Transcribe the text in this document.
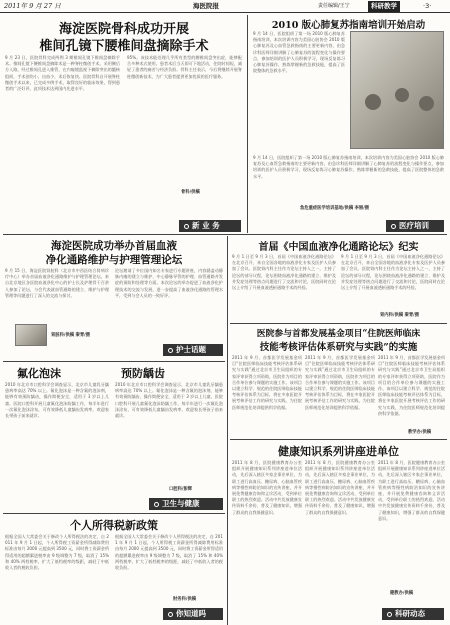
2011年 9 月 27 日	海医院报	责任编辑/王宁	科研教学	·3·
海淀医院骨科成功开展
椎间孔镜下腰椎间盘摘除手术
9 月 23 日，医院骨科完成两例 3 期椎间孔镜下椎间盘摘除手术。椎间孔镜下腰椎间盘摘除术是一种脊柱微创手术，采用侧后方入路，经过椎间孔进入椎管，在内窥镜监视下摘除突出的髓核组织，手术创伤小，出血少，术后恢复快。医院骨科自开展脊柱微创手术以来，已完成多例手术，取得良好的临床效果，得到患者的广泛好评，此项技术达到国内先进水平。
95%。该技术能处理几乎所有类型的腰椎间盘突出症，能够配合多种术式使用。患者术后当天即可下地活动，住院时间短，减轻了患者的痛苦与经济负担。骨科主任表示，今后将继续开展脊柱微创新技术，为广大患者提供更加优质的医疗服务。
骨科/供稿
新 业 务
2010 版心肺复苏指南培训开始启动
9 月 14 日，医院组织了第一场 2010 版心肺复苏指南培训，本次培训内容为美国心脏协会 2010 版心肺复苏及心血管急救指南的主要更新内容，由急诊科医师详细讲解了心肺复苏的流程变化与操作要点，参加培训的医护人员积极学习，现场反复练习心肺复苏操作，熟练掌握新的急救技能，提高了医院整体的急救水平。
9 月 14 日，医院组织了第一场 2010 版心肺复苏指南培训，本次培训内容为美国心脏协会 2010 版心肺复苏及心血管急救指南的主要更新内容，由急诊科医师详细讲解了心肺复苏的流程变化与操作要点，参加培训的医护人员积极学习，现场反复练习心肺复苏操作，熟练掌握新的急救技能，提高了医院整体的急救水平。
急危重症医学培训基地/供稿 李丽/摄
医疗培训
海淀医院成功举办首届血液
净化通路维护与护理管理论坛
9 月 15 日，海淀医院肾脏科（北京市中西医结合肾病诊疗中心）举办首届血液净化通路维护与护理管理论坛。来自北京地区各医院血液净化中心的护士长及护理骨干百余人参加了论坛，与会代表就血管通路的建立、维护与护理管理等问题进行了深入的交流与探讨。
论坛邀请了多位国内知名专家进行专题讲座，内容涵盖动静脉内瘘的建立与维护、中心静脉导管的护理、血管通路并发症的预防和处理等方面。本次论坛的举办促进了血液净化护理技术的交流与发展，进一步提高了血液净化通路的管理水平，受到与会人员的一致好评。
肾脏科/供稿 秦青/摄
护士话题
首届《中国血液净化通路论坛》纪实
9 月 1 日至 9 月 3 日，首届《中国血液净化通路论坛》在北京召开，来自全国各地的血液净化专家及医护人员参加了会议。医院肾内科主任作为论坛主持人之一，主持了论坛的部分议程，论坛围绕血液净化通路的建立、维护及并发症处理等热点问题进行了交流和讨论，医院同时在论坛上介绍了开展血液透析通路手术的经验。
9 月 1 日至 9 月 3 日，首届《中国血液净化通路论坛》在北京召开，来自全国各地的血液净化专家及医护人员参加了会议。医院肾内科主任作为论坛主持人之一，主持了论坛的部分议程，论坛围绕血液净化通路的建立、维护及并发症处理等热点问题进行了交流和讨论，医院同时在论坛上介绍了开展血液透析通路手术的经验。
肾内科/供稿 秦青/摄
医院参与首都发展基金项目“住院医师临床
技能考核评估体系研究与实践”的实施
2011 年 9 月，首都医学发展基金项目“住院医师临床技能考核评估体系研究与实践”通过北京市卫生局组织的专家评审获得立项资助，医院作为项目的合作单位参与课题的实施工作。该项目以建立科学、规范的住院医师临床技能考核评估体系为目标，将在多家医院开展考核评估工作的研究与实践，为住院医师规范化培训提供科学依据。
2011 年 9 月，首都医学发展基金项目“住院医师临床技能考核评估体系研究与实践”通过北京市卫生局组织的专家评审获得立项资助，医院作为项目的合作单位参与课题的实施工作。该项目以建立科学、规范的住院医师临床技能考核评估体系为目标，将在多家医院开展考核评估工作的研究与实践，为住院医师规范化培训提供科学依据。
2011 年 9 月，首都医学发展基金项目“住院医师临床技能考核评估体系研究与实践”通过北京市卫生局组织的专家评审获得立项资助，医院作为项目的合作单位参与课题的实施工作。该项目以建立科学、规范的住院医师临床技能考核评估体系为目标，将在多家医院开展考核评估工作的研究与实践，为住院医师规范化培训提供科学依据。
教学办/供稿
氟化泡沫	预防龋齿
2010 年北京市口腔科学会调查显示，北京市儿童乳牙龋患病率高达 70% 以上。氟化泡沫是一种含氟的泡沫剂，能够有效预防龋齿，操作简便安全，适用于 3 岁以上儿童。医院口腔科开展儿童氟化泡沫防龋工作，每半年进行一次氟化泡沫涂布，可有效降低儿童龋齿发病率，欢迎家长带孩子前来就诊。
2010 年北京市口腔科学会调查显示，北京市儿童乳牙龋患病率高达 70% 以上。氟化泡沫是一种含氟的泡沫剂，能够有效预防龋齿，操作简便安全，适用于 3 岁以上儿童。医院口腔科开展儿童氟化泡沫防龋工作，每半年进行一次氟化泡沫涂布，可有效降低儿童龋齿发病率，欢迎家长带孩子前来就诊。
口腔科/彭辉
卫生与健康
个人所得税新政策
根据全国人大常委会关于修改个人所得税法的决定，自 2011 年 9 月 1 日起，个人所得税工资薪金所得减除费用标准由每月 2000 元提高到 3500 元，同时将工资薪金所得适用的超额累进税率由 9 级调整为 7 级，取消了 15% 和 40% 两档税率，扩大了低档税率的级距，减轻了中低收入者的税收负担。
根据全国人大常委会关于修改个人所得税法的决定，自 2011 年 9 月 1 日起，个人所得税工资薪金所得减除费用标准由每月 2000 元提高到 3500 元，同时将工资薪金所得适用的超额累进税率由 9 级调整为 7 级，取消了 15% 和 40% 两档税率，扩大了低档税率的级距，减轻了中低收入者的税收负担。
财务科/供稿
你知道吗
健康知识系列讲座进单位
2011 年 8 月，医院健康教育办公室组织开展健康知识系列讲座进单位活动，先后深入辖区多家企事业单位，为职工进行高血压、糖尿病、心脑血管疾病等慢性病防治知识的宣传讲座，并开展免费健康咨询和义诊活动，受到单位职工的热烈欢迎。活动中共发放健康宣传资料千余份，普及了健康知识，增强了群众的自我保健意识。
2011 年 8 月，医院健康教育办公室组织开展健康知识系列讲座进单位活动，先后深入辖区多家企事业单位，为职工进行高血压、糖尿病、心脑血管疾病等慢性病防治知识的宣传讲座，并开展免费健康咨询和义诊活动，受到单位职工的热烈欢迎。活动中共发放健康宣传资料千余份，普及了健康知识，增强了群众的自我保健意识。
2011 年 8 月，医院健康教育办公室组织开展健康知识系列讲座进单位活动，先后深入辖区多家企事业单位，为职工进行高血压、糖尿病、心脑血管疾病等慢性病防治知识的宣传讲座，并开展免费健康咨询和义诊活动，受到单位职工的热烈欢迎。活动中共发放健康宣传资料千余份，普及了健康知识，增强了群众的自我保健意识。
健教办/供稿
科研动态
